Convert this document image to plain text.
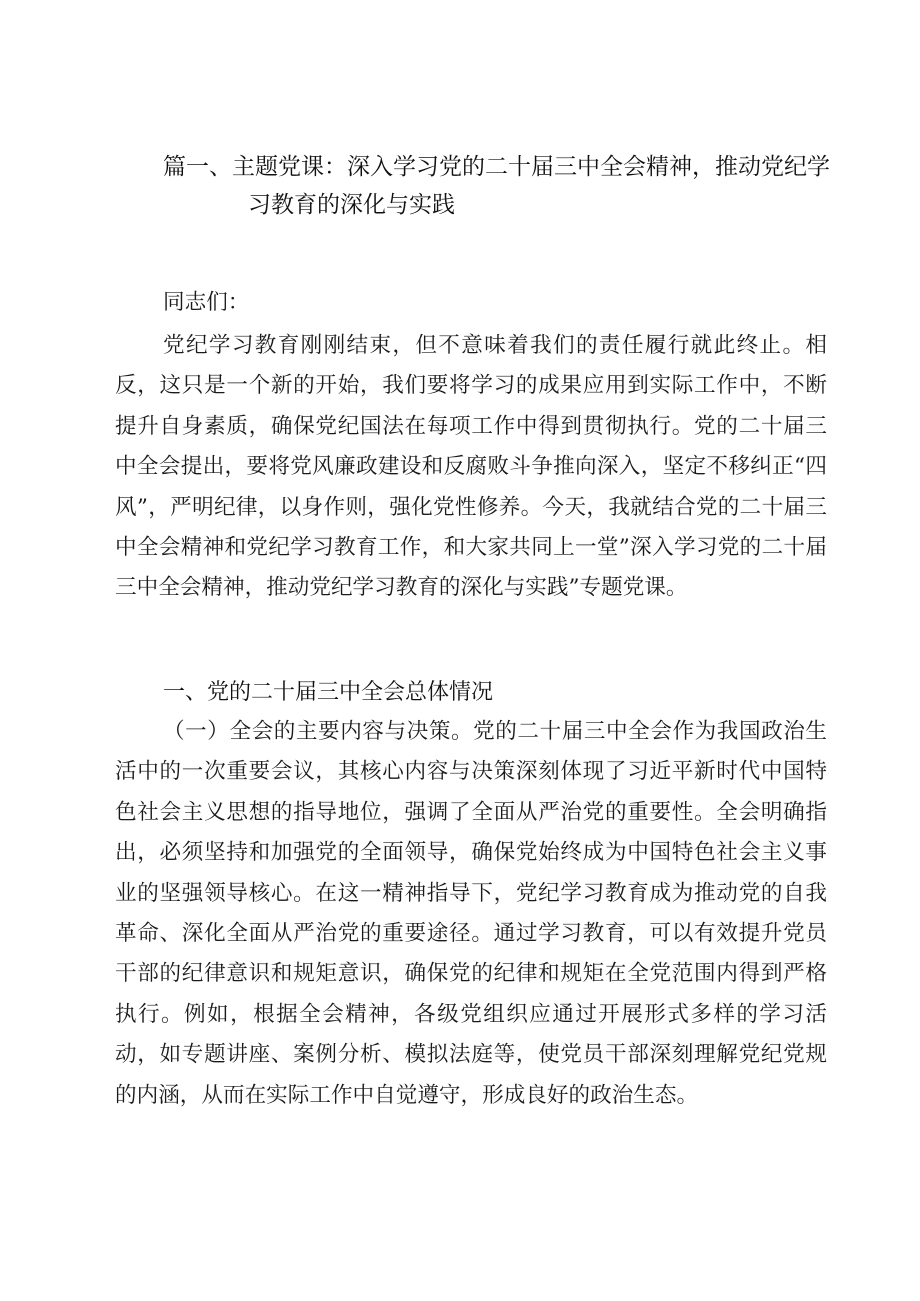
篇一、主题党课：深入学习党的二十届三中全会精神，推动党纪学
习教育的深化与实践
同志们：
党纪学习教育刚刚结束，但不意味着我们的责任履行就此终止。相反，这只是一个新的开始，我们要将学习的成果应用到实际工作中，不断提升自身素质，确保党纪国法在每项工作中得到贯彻执行。党的二十届三中全会提出，要将党风廉政建设和反腐败斗争推向深入，坚定不移纠正“四风”，严明纪律，以身作则，强化党性修养。今天，我就结合党的二十届三中全会精神和党纪学习教育工作，和大家共同上一堂”深入学习党的二十届三中全会精神，推动党纪学习教育的深化与实践”专题党课。
一、党的二十届三中全会总体情况
（一）全会的主要内容与决策。党的二十届三中全会作为我国政治生活中的一次重要会议，其核心内容与决策深刻体现了习近平新时代中国特色社会主义思想的指导地位，强调了全面从严治党的重要性。全会明确指出，必须坚持和加强党的全面领导，确保党始终成为中国特色社会主义事业的坚强领导核心。在这一精神指导下，党纪学习教育成为推动党的自我革命、深化全面从严治党的重要途径。通过学习教育，可以有效提升党员干部的纪律意识和规矩意识，确保党的纪律和规矩在全党范围内得到严格执行。例如，根据全会精神，各级党组织应通过开展形式多样的学习活动，如专题讲座、案例分析、模拟法庭等，使党员干部深刻理解党纪党规的内涵，从而在实际工作中自觉遵守，形成良好的政治生态。
